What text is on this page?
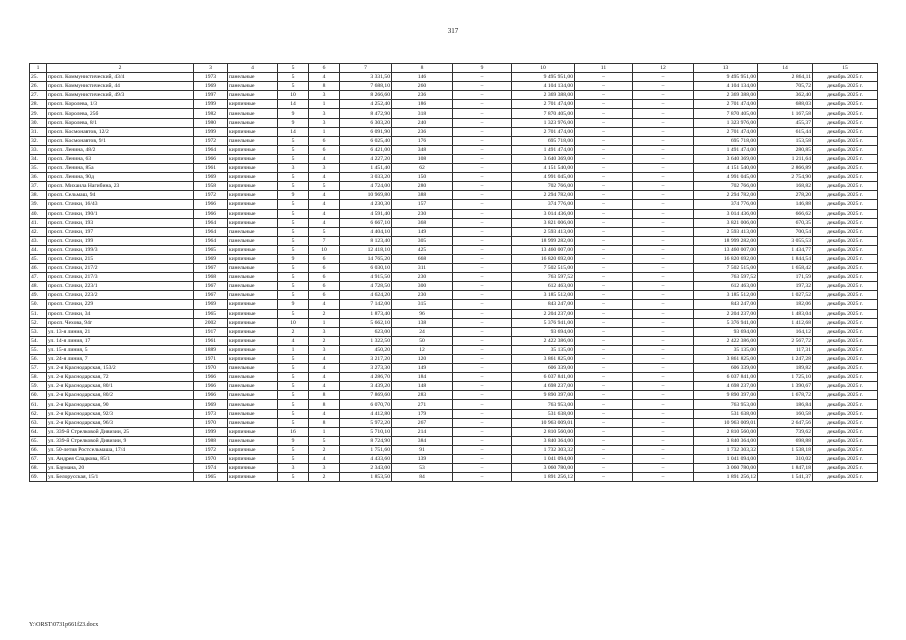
317
1	2	3	4	5	6	7	8	9	10	11	12	13	14	15
25.	просп. Коммунистический, 43/4	1973	панельные	5	4	3 331,50	146	–	9 495 951,00	–	–	9 495 951,00	2 864,11	декабрь 2025 г.
26.	просп. Коммунистический, 44	1969	панельные	5	8	7 688,10	260	–	4 104 134,00	–	–	4 104 134,00	705,72	декабрь 2025 г.
27.	просп. Коммунистический, 49/3	1997	панельные	10	3	8 266,60	236	–	2 369 388,00	–	–	2 369 388,00	362,40	декабрь 2025 г.
28.	просп. Королева, 1/3	1999	кирпичные	14	1	4 252,40	186	–	2 701 474,00	–	–	2 701 474,00	688,03	декабрь 2025 г.
29.	просп. Королева, 25б	1982	панельные	9	3	8 472,90	318	–	7 870 405,00	–	–	7 870 405,00	1 167,58	декабрь 2025 г.
30.	просп. Королева, 8/1	1980	панельные	9	3	6 303,20	240	–	1 323 976,00	–	–	1 323 976,00	455,37	декабрь 2025 г.
31.	просп. Космонавтов, 12/2	1999	кирпичные	14	1	6 091,90	236	–	2 701 474,00	–	–	2 701 474,00	615,44	декабрь 2025 г.
32.	просп. Космонавтов, 9/1	1972	панельные	5	6	6 025,40	176	–	695 718,00	–	–	695 718,00	153,58	декабрь 2025 г.
33.	просп. Ленина, 48/2	1964	кирпичные	5	6	6 421,00	348	–	1 491 474,00	–	–	1 491 474,00	280,85	декабрь 2025 г.
34.	просп. Ленина, 63	1966	кирпичные	5	4	4 227,20	108	–	3 640 369,00	–	–	3 640 369,00	1 211,64	декабрь 2025 г.
35.	просп. Ленина, 85а	1961	кирпичные	3	3	1 451,40	62	–	4 151 540,00	–	–	4 151 540,00	2 866,89	декабрь 2025 г.
36.	просп. Ленина, 90д	1969	кирпичные	5	4	3 033,20	150	–	4 991 045,00	–	–	4 991 045,00	2 754,90	декабрь 2025 г.
37.	просп. Михаила Нагибина, 23	1958	кирпичные	5	5	4 724,00	280	–	702 766,00	–	–	702 766,00	168,82	декабрь 2025 г.
38.	просп. Сельмаш, 94	1972	кирпичные	9	4	10 969,80	388	–	2 294 782,00	–	–	2 294 782,00	278,20	декабрь 2025 г.
39.	просп. Стачки, 16/43	1966	кирпичные	5	4	4 230,30	157	–	374 776,00	–	–	374 776,00	146,88	декабрь 2025 г.
40.	просп. Стачки, 190/1	1966	кирпичные	5	4	4 591,40	230	–	3 014 436,00	–	–	3 014 436,00	666,62	декабрь 2025 г.
41.	просп. Стачки, 193	1964	кирпичные	5	4	6 667,10	368	–	3 821 006,00	–	–	3 821 006,00	670,35	декабрь 2025 г.
42.	просп. Стачки, 197	1964	панельные	5	5	4 404,10	149	–	2 593 413,00	–	–	2 593 413,00	700,54	декабрь 2025 г.
43.	просп. Стачки, 199	1964	панельные	5	7	8 123,40	305	–	18 999 282,00	–	–	18 999 282,00	3 055,53	декабрь 2025 г.
44.	просп. Стачки, 199/3	1965	кирпичные	5	10	12 418,10	425	–	13 460 007,00	–	–	13 460 007,00	1 434,77	декабрь 2025 г.
45.	просп. Стачки, 215	1969	кирпичные	9	6	14 765,20	668	–	16 820 692,00	–	–	16 820 692,00	1 844,54	декабрь 2025 г.
46.	просп. Стачки, 217/2	1967	панельные	5	6	6 030,10	311	–	7 502 515,00	–	–	7 502 515,00	1 658,42	декабрь 2025 г.
47.	просп. Стачки, 217/3	1968	панельные	5	6	4 915,50	230	–	763 597,52	–	–	763 597,52	171,59	декабрь 2025 г.
48.	просп. Стачки, 223/1	1967	панельные	5	6	4 728,50	300	–	612 463,00	–	–	612 463,00	197,32	декабрь 2025 г.
49.	просп. Стачки, 223/2	1967	панельные	5	6	4 624,20	230	–	3 185 512,00	–	–	3 185 512,00	1 027,52	декабрь 2025 г.
50.	просп. Стачки, 229	1969	кирпичные	9	4	7 142,00	315	–	843 247,00	–	–	843 247,00	182,06	декабрь 2025 г.
51.	просп. Стачки, 34	1965	кирпичные	5	2	1 873,40	96	–	2 204 237,00	–	–	2 204 237,00	1 483,04	декабрь 2025 г.
52.	просп. Чехова, 94г	2002	кирпичные	10	1	5 662,10	138	–	5 376 941,00	–	–	5 376 941,00	1 412,68	декабрь 2025 г.
53.	ул. 13-я линия, 21	1917	кирпичные	2	3	623,00	24	–	93 694,00	–	–	93 694,00	164,12	декабрь 2025 г.
54.	ул. 14-я линия, 17	1961	кирпичные	4	2	1 322,50	50	–	2 422 386,00	–	–	2 422 386,00	2 567,72	декабрь 2025 г.
55.	ул. 15-я линия, 5	1889	кирпичные	1	3	450,20	12	–	35 135,00	–	–	35 135,00	117,31	декабрь 2025 г.
56.	ул. 24-я линия, 7	1971	кирпичные	5	4	3 217,20	120	–	3 861 825,00	–	–	3 861 825,00	1 247,28	декабрь 2025 г.
57.	ул. 2-я Краснодарская, 153/2	1970	панельные	5	4	3 273,30	149	–	606 339,00	–	–	606 339,00	189,82	декабрь 2025 г.
58.	ул. 2-я Краснодарская, 72	1966	панельные	5	4	4 286,70	184	–	6 037 841,00	–	–	6 037 841,00	1 725,10	декабрь 2025 г.
59.	ул. 2-я Краснодарская, 80/1	1966	панельные	5	4	3 439,20	148	–	4 698 237,00	–	–	4 698 237,00	1 390,67	декабрь 2025 г.
60.	ул. 2-я Краснодарская, 80/2	1966	панельные	5	8	7 869,60	283	–	9 890 397,00	–	–	9 890 397,00	1 678,72	декабрь 2025 г.
61.	ул. 2-я Краснодарская, 90	1969	панельные	5	8	6 070,70	271	–	763 953,00	–	–	763 953,00	186,84	декабрь 2025 г.
62.	ул. 2-я Краснодарская, 92/3	1973	панельные	5	4	4 412,80	179	–	531 638,00	–	–	531 638,00	160,58	декабрь 2025 г.
63.	ул. 2-я Краснодарская, 96/3	1970	панельные	5	8	5 972,20	267	–	10 963 009,01	–	–	10 963 009,01	2 647,56	декабрь 2025 г.
64.	ул. 339-й Стрелковой Дивизии, 25	1999	кирпичные	16	1	5 710,10	214	–	2 810 560,00	–	–	2 810 560,00	739,62	декабрь 2025 г.
65.	ул. 339-й Стрелковой Дивизии, 9	1988	панельные	9	5	8 724,90	384	–	3 840 364,00	–	–	3 840 364,00	698,88	декабрь 2025 г.
66.	ул. 50-летия Ростсельмаша, 17/4	1972	кирпичные	5	2	1 751,60	91	–	1 732 303,32	–	–	1 732 303,32	1 538,18	декабрь 2025 г.
67.	ул. Андрея Сладкова, 85/1	1970	кирпичные	5	4	4 433,60	139	–	1 041 094,00	–	–	1 041 094,00	310,02	декабрь 2025 г.
68.	ул. Баумана, 20	1974	кирпичные	3	3	2 343,00	53	–	3 060 780,00	–	–	3 060 780,00	1 847,18	декабрь 2025 г.
69.	ул. Белорусская, 15/1	1965	кирпичные	5	2	1 853,50	84	–	1 891 256,12	–	–	1 891 256,12	1 541,37	декабрь 2025 г.
Y:\ORST\0731p661f23.docx
